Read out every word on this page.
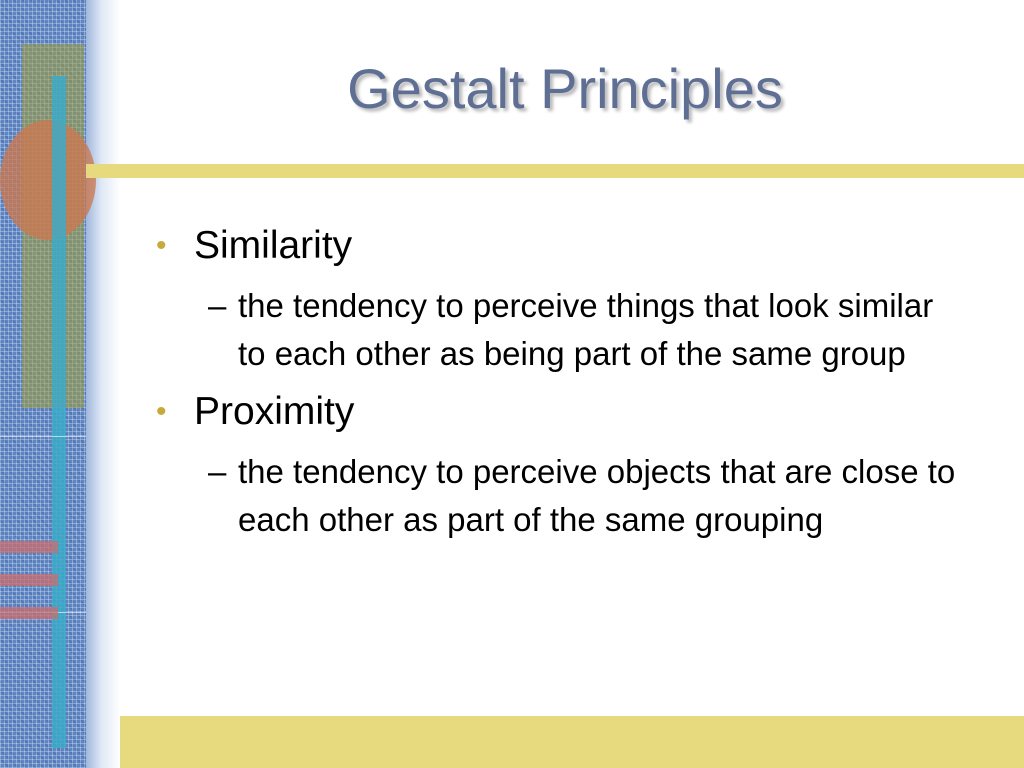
Gestalt Principles
• Similarity
– the tendency to perceive things that look similar to each other as being part of the same group
• Proximity
– the tendency to perceive objects that are close to each other as part of the same grouping
